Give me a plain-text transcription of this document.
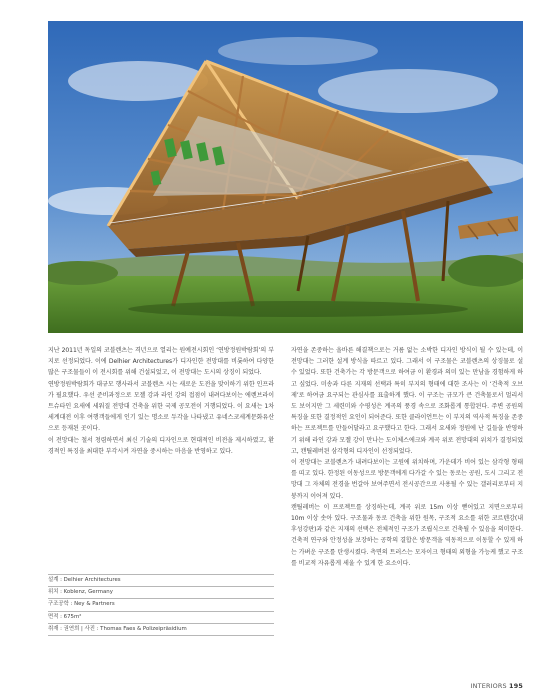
지난 2011년 독일의 코블렌츠는 격년으로 열리는 원예전시회인 ‘연방정원박람회’의 부지로 선정되었다. 이에 Delhier Architectures가 디자인한 전망대를 비롯하여 다양한 많은 구조물들이 이 전시회를 위해 건설되었고, 이 전망대는 도시의 상징이 되었다.

연방정원박람회가 대규모 행사라서 코블렌츠 시는 새로운 도전을 맞이하기 위한 인프라가 필요했다. 우선 준비과정으로 모젤 강과 라인 강의 접점이 내려다보이는 에렌브라이트슈타인 요새에 세워질 전망대 건축을 위한 국제 공모전이 거행되었다. 이 요새는 1차 세계대전 이후 여행객들에게 인기 있는 명소로 두각을 나타냈고 유네스코세계문화유산으로 등재된 곳이다.

이 전망대는 철서 청렴하면서 최신 기술의 디자인으로 현대적인 비전을 제시하였고, 환경적인 특징을 최대한 부각시켜 자연을 중시하는 마음을 반영하고 있다.

설계 : Delhier Architectures
위치 : Koblenz, Germany
구조공학 : Ney & Partners
면적 : 675m²
취재 : 권연희 | 사진 : Thomas Faes & Polizeipräsidium

자연을 존중하는 올바른 해결책으로는 거름 없는 소박한 디자인 방식이 될 수 있는데, 이 전망대는 그러한 설계 방식을 따르고 있다. 그래서 이 구조물은 코블렌츠의 상징물로 설 수 있었다. 또한 건축가는 각 방문객으로 하여금 이 환경과 의미 있는 만남을 경험하게 하고 싶었다. 미송과 다른 지재의 선택과 특히 부지의 형태에 대한 조사는 이 ‘건축적 오브제’로 하여금 요구되는 관심사를 표출하게 했다. 이 구조는 규모가 큰 건축물로서 멀리서도 보이지만 그 세련미와 수평성은 계곡의 풍경 속으로 조화롭게 통합된다. 주변 공원의 특징을 또한 결정적인 요인이 되어준다. 또한 클라이언트는 이 부지의 역사적 특징을 존중하는 프로젝트를 만들어달라고 요구했다고 한다. 그래서 요새와 정원에 난 길들을 반영하기 위해 라인 강과 모젤 강이 만나는 도이체스에크와 계곡 위로 전망대의 위치가 결정되었고, 캔틸레버된 삼각형의 디자인이 선정되었다.

이 전망대는 코블렌츠가 내려다보이는 고원에 위치하며, 가운데가 비어 있는 삼각형 형태를 띠고 있다. 한정된 이동성으로 방문객에게 다가갈 수 있는 동로는 공원, 도시 그리고 전망대 그 자체의 전경을 번갈아 보여주면서 전시공간으로 사용될 수 있는 갤러리로부터 지붕까지 이어져 있다.

캔틸레버는 이 프로젝트를 상징하는데, 계곡 위로 15m 이상 뻗어있고 지면으로부터 10m 이상 솟아 있다. 구조물과 동로 건축을 위한 원목, 구조적 요소를 위한 코르텐강(내후성강판)과 같은 지재의 선택은 전체적인 구조가 조립식으로 건축될 수 있음을 의미한다. 건축적 연구와 안정성을 보장하는 공학의 결합은 방문객을 역동적으로 이동할 수 있게 하는 가벼운 구조를 탄생시켰다. 측면의 트러스는 모자이크 형태의 외형을 가능케 했고 구조를 비교적 자유롭게 세울 수 있게 한 요소이다.

INTERIORS 195
